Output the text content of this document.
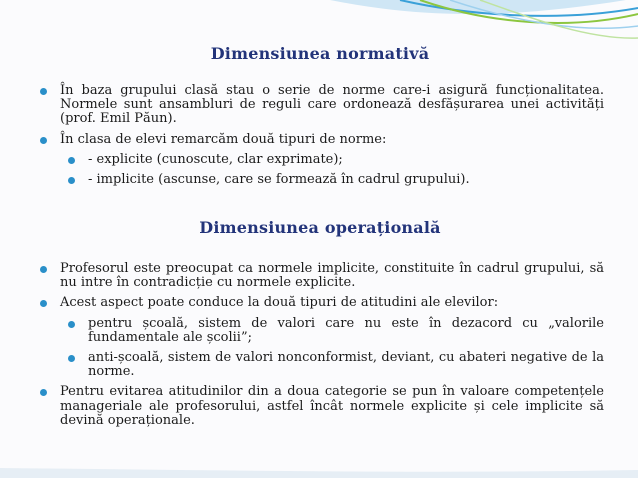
Dimensiunea normativă
În baza grupului clasă stau o serie de norme care-i asigură funcționalitatea. Normele sunt ansambluri de reguli care ordonează desfășurarea unei activități (prof. Emil Păun).
În clasa de elevi remarcăm două tipuri de norme:
- explicite (cunoscute, clar exprimate);
- implicite (ascunse, care se formează în cadrul grupului).
Dimensiunea operațională
Profesorul este preocupat ca normele implicite, constituite în cadrul grupului, să nu intre în contradicție cu normele explicite.
Acest aspect poate conduce la două tipuri de atitudini ale elevilor:
pentru școală, sistem de valori care nu este în dezacord cu „valorile fundamentale ale școlii”;
anti-școală, sistem de valori nonconformist, deviant, cu abateri negative de la norme.
Pentru evitarea atitudinilor din a doua categorie se pun în valoare competențele manageriale ale profesorului, astfel încât normele explicite și cele implicite să devină operaționale.
